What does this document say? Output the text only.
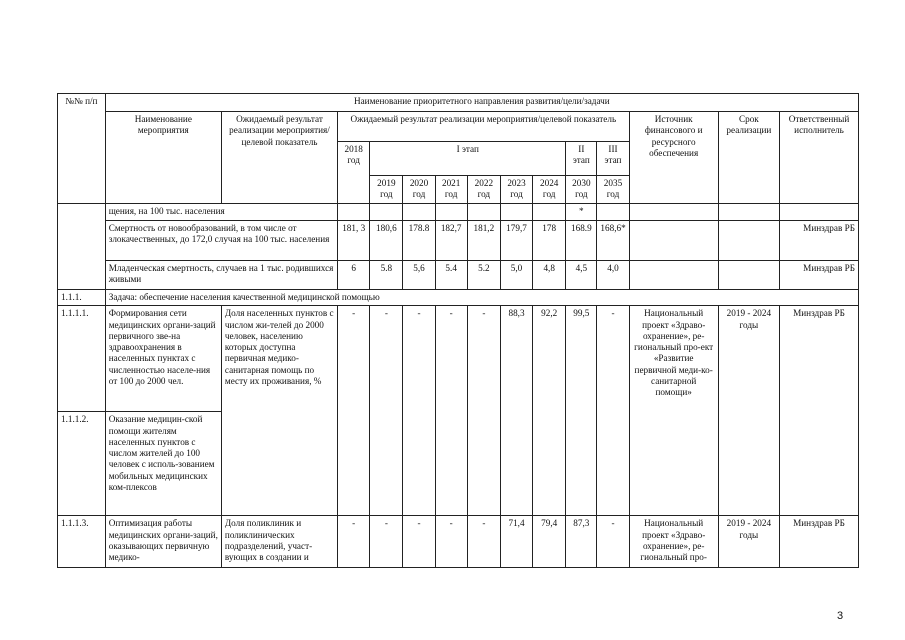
№№ п/п	Наименование приоритетного направления развития/цели/задачи													
	Наименование мероприятия	Ожидаемый результат реализации мероприятия/целевой показатель	Ожидаемый результат реализации мероприятия/целевой показатель									Источник финансового и ресурсного обеспечения	Срок реализации	Ответственный исполнитель
			2018 год	I этап						II этап	III этап			
				2019 год	2020 год	2021 год	2022 год	2023 год	2024 год	2030 год	2035 год			
	щения, на 100 тыс. населения									*				
	Смертность от новообразований, в том числе от злокачественных, до 172,0 случая на 100 тыс. населения		181, 3	180,6	178.8	182,7	181,2	179,7	178	168.9	168,6*			Минздрав РБ
	Младенческая смертность, случаев на 1 тыс. родившихся живыми		6	5.8	5,6	5.4	5.2	5,0	4,8	4,5	4,0			Минздрав РБ
1.1.1.	Задача: обеспечение населения качественной медицинской помощью													
1.1.1.1.	Формирования сети медицинских органи-заций первичного зве-на здравоохранения в населенных пунктах с численностью населе-ния от 100 до 2000 чел.	Доля населенных пунктов с числом жи-телей до 2000 человек, населению которых доступна первичная медико-санитарная помощь по месту их проживания, %	-	-	-	-	-	88,3	92,2	99,5	-	Национальный проект «Здраво-охранение», ре-гиональный про-ект «Развитие первичной меди-ко-санитарной помощи»	2019 - 2024 годы	Минздрав РБ
1.1.1.2.	Оказание медицин-ской помощи жителям населенных пунктов с числом жителей до 100 человек с исполь-зованием мобильных медицинских ком-плексов													
1.1.1.3.	Оптимизация работы медицинских органи-заций, оказывающих первичную медико-	Доля поликлиник и поликлинических подразделений, участ-вующих в создании и	-	-	-	-	-	71,4	79,4	87,3	-	Национальный проект «Здраво-охранение», ре-гиональный про-	2019 - 2024 годы	Минздрав РБ
3
